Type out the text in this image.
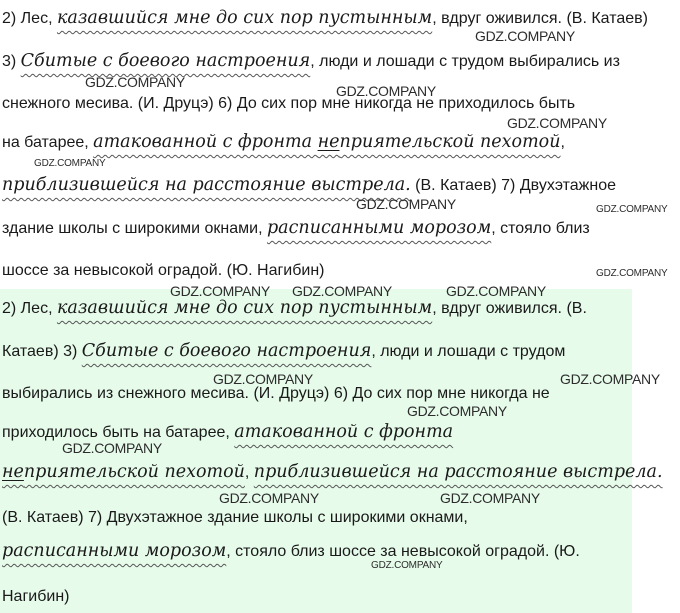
2) Лес, казавшийся мне до сих пор пустынным, вдруг оживился. (В. Катаев)
3) Сбитые с боевого настроения, люди и лошади с трудом выбирались из
снежного месива. (И. Друцэ) 6) До сих пор мне никогда не приходилось быть
на батарее, атакованной с фронта неприятельской пехотой,
приблизившейся на расстояние выстрела. (В. Катаев) 7) Двухэтажное
здание школы с широкими окнами, расписанными морозом, стояло близ
шоссе за невысокой оградой. (Ю. Нагибин)
2) Лес, казавшийся мне до сих пор пустынным, вдруг оживился. (В.
Катаев) 3) Сбитые с боевого настроения, люди и лошади с трудом
выбирались из снежного месива. (И. Друцэ) 6) До сих пор мне никогда не
приходилось быть на батарее, атакованной с фронта
неприятельской пехотой, приблизившейся на расстояние выстрела.
(В. Катаев) 7) Двухэтажное здание школы с широкими окнами,
расписанными морозом, стояло близ шоссе за невысокой оградой. (Ю.
Нагибин)
GDZ.COMPANY
GDZ.COMPANY
GDZ.COMPANY
GDZ.COMPANY
GDZ.COMPANY
GDZ.COMPANY	GDZ.COMPANY
GDZ.COMPANY
GDZ.COMPANY GDZ.COMPANY	GDZ.COMPANY
GDZ.COMPANY	GDZ.COMPANY
GDZ.COMPANY
GDZ.COMPANY
GDZ.COMPANY	GDZ.COMPANY
GDZ.COMPANY
